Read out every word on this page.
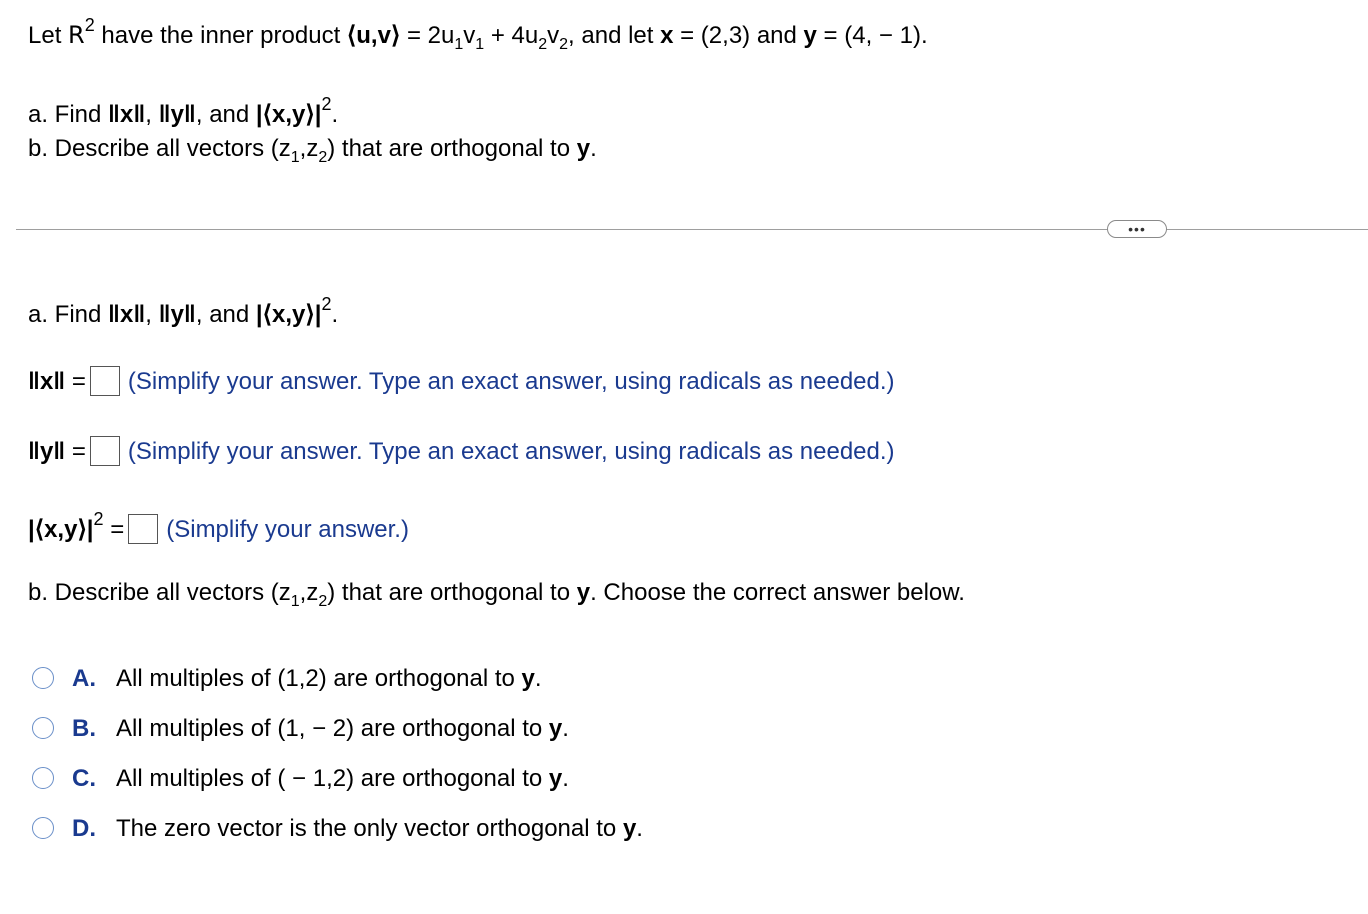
Let $R^2$ have the inner product ⟨u,v⟩ = $2u_1v_1 + 4u_2v_2$, and let x = (2,3) and y = (4, − 1).
a. Find ‖x‖, ‖y‖, and $|⟨x,y⟩|^2$.
b. Describe all vectors $(z_1,z_2)$ that are orthogonal to y.
•••
a. Find ‖x‖, ‖y‖, and $|⟨x,y⟩|^2$.
‖x‖ = (Simplify your answer. Type an exact answer, using radicals as needed.)
‖y‖ = (Simplify your answer. Type an exact answer, using radicals as needed.)
$|⟨x,y⟩|^2$ = (Simplify your answer.)
b. Describe all vectors $(z_1,z_2)$ that are orthogonal to y. Choose the correct answer below.
A. All multiples of (1,2) are orthogonal to y.
B. All multiples of (1, − 2) are orthogonal to y.
C. All multiples of ( − 1,2) are orthogonal to y.
D. The zero vector is the only vector orthogonal to y.
